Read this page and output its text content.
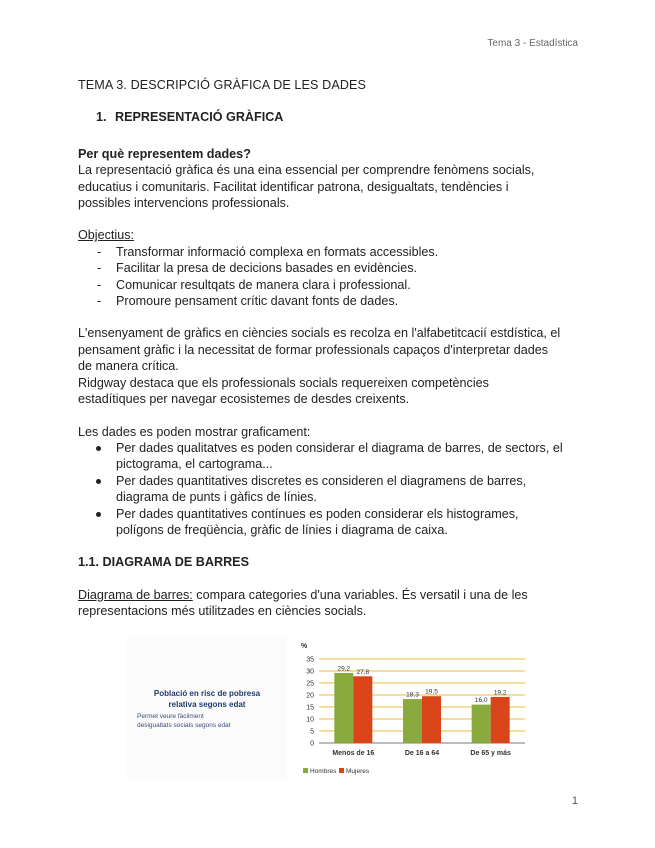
Tema 3 - Estadística
TEMA 3. DESCRIPCIÓ GRÀFICA DE LES DADES
1. REPRESENTACIÓ GRÀFICA
Per què representem dades?
La representació gràfica és una eina essencial per comprendre fenòmens socials,
educatius i comunitaris. Facilitat identificar patrona, desigualtats, tendències i
possibles intervencions professionals.
Objectius:
- Transformar informació complexa en formats accessibles.
- Facilitar la presa de decicions basades en evidències.
- Comunicar resultqats de manera clara i professional.
- Promoure pensament crític davant fonts de dades.
L'ensenyament de gràfics en ciències socials es recolza en l'alfabetitcacií estdística, el
pensament gràfic i la necessitat de formar professionals capaços d'interpretar dades
de manera crítica.
Ridgway destaca que els professionals socials requereixen competències
estadítiques per navegar ecosistemes de desdes creixents.
Les dades es poden mostrar graficament:
Per dades qualitatves es poden considerar el diagrama de barres, de sectors, el
pictograma, el cartograma...
Per dades quantitatives discretes es consideren el diagramens de barres,
diagrama de punts i gàfics de línies.
Per dades quantitatives contínues es poden considerar els histogrames,
polígons de freqüència, gràfic de línies i diagrama de caixa.
1.1. DIAGRAMA DE BARRES
Diagrama de barres: compara categories d'una variables. És versatil i una de les
representacions més utilitzades en ciències socials.
Població en risc de pobresa
relativa segons edat
Permet veure fàcilment
desigualtats socials segons edat
%
0
5
10
15
20
25
30
35
29,2 27,8
Menos de 16
18,3 19,5
De 16 a 64
16,0
19,2
De 65 y más
Hombres Mujeres
1
